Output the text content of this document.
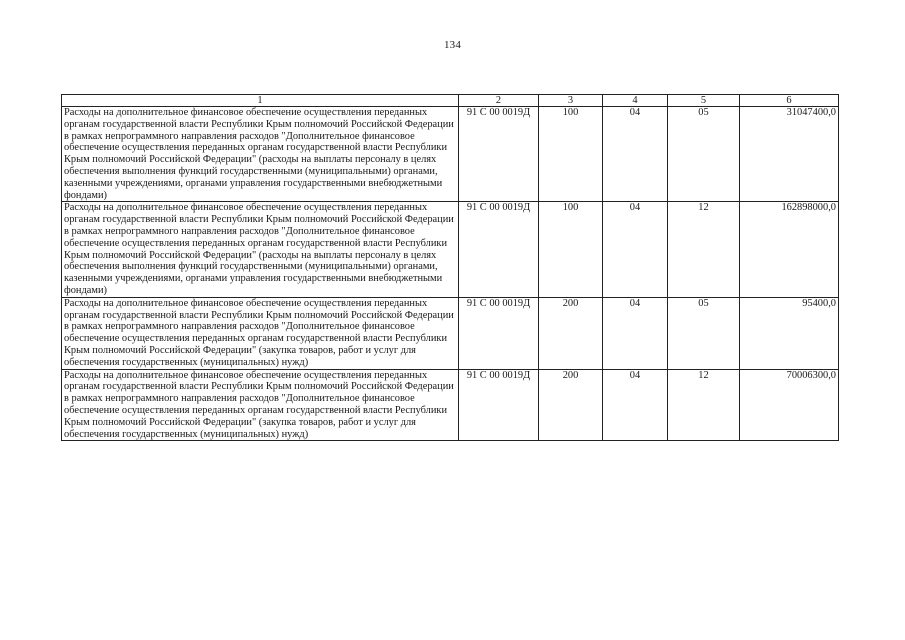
134
1	2	3	4	5	6
Расходы на дополнительное финансовое обеспечение осуществления переданных органам государственной власти Республики Крым полномочий Российской Федерации в рамках непрограммного направления расходов "Дополнительное финансовое обеспечение осуществления переданных органам государственной власти Республики Крым полномочий Российской Федерации" (расходы на выплаты персоналу в целях обеспечения выполнения функций государственными (муниципальными) органами, казенными учреждениями, органами управления государственными внебюджетными фондами)	91 С 00 0019Д	100	04	05	31047400,0
Расходы на дополнительное финансовое обеспечение осуществления переданных органам государственной власти Республики Крым полномочий Российской Федерации в рамках непрограммного направления расходов "Дополнительное финансовое обеспечение осуществления переданных органам государственной власти Республики Крым полномочий Российской Федерации" (расходы на выплаты персоналу в целях обеспечения выполнения функций государственными (муниципальными) органами, казенными учреждениями, органами управления государственными внебюджетными фондами)	91 С 00 0019Д	100	04	12	162898000,0
Расходы на дополнительное финансовое обеспечение осуществления переданных органам государственной власти Республики Крым полномочий Российской Федерации в рамках непрограммного направления расходов "Дополнительное финансовое обеспечение осуществления переданных органам государственной власти Республики Крым полномочий Российской Федерации" (закупка товаров, работ и услуг для обеспечения государственных (муниципальных) нужд)	91 С 00 0019Д	200	04	05	95400,0
Расходы на дополнительное финансовое обеспечение осуществления переданных органам государственной власти Республики Крым полномочий Российской Федерации в рамках непрограммного направления расходов "Дополнительное финансовое обеспечение осуществления переданных органам государственной власти Республики Крым полномочий Российской Федерации" (закупка товаров, работ и услуг для обеспечения государственных (муниципальных) нужд)	91 С 00 0019Д	200	04	12	70006300,0
